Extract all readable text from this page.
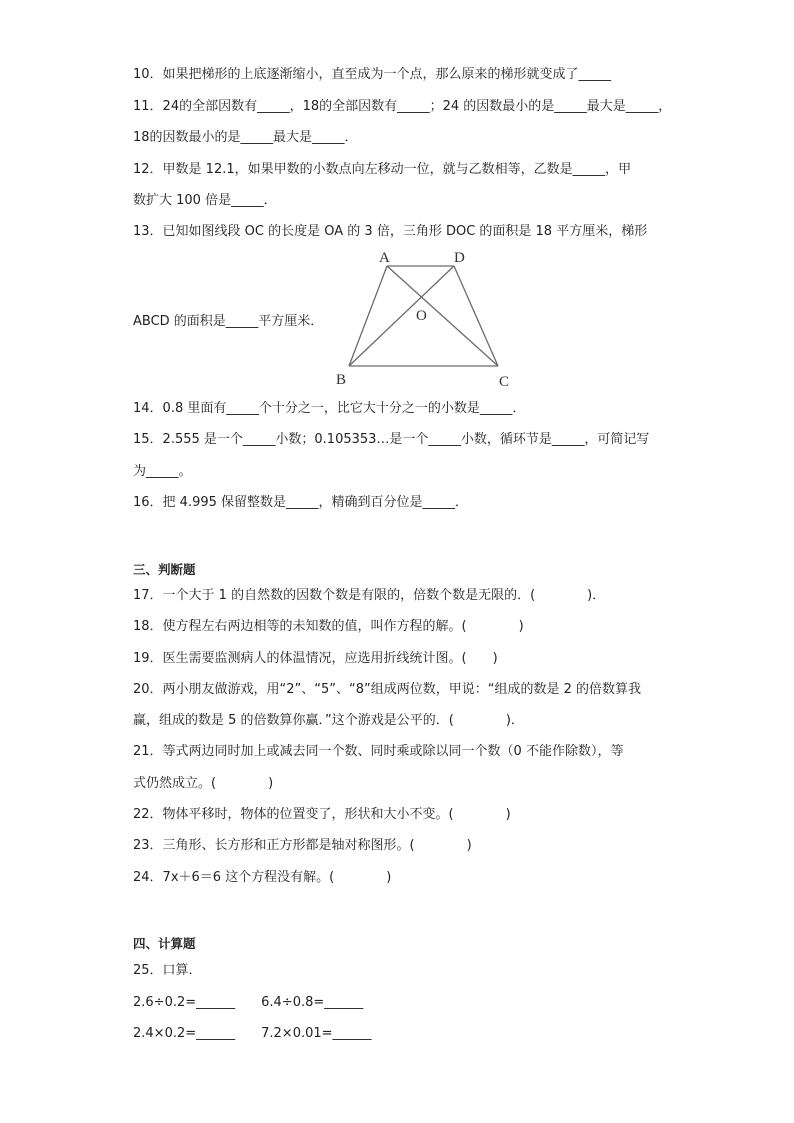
10．如果把梯形的上底逐渐缩小，直至成为一个点，那么原来的梯形就变成了_____
11．24的全部因数有_____，18的全部因数有_____；24 的因数最小的是_____最大是_____，
18的因数最小的是_____最大是_____．
12．甲数是 12.1，如果甲数的小数点向左移动一位，就与乙数相等，乙数是_____，甲
数扩大 100 倍是_____．
13．已知如图线段 OC 的长度是 OA 的 3 倍，三角形 DOC 的面积是 18 平方厘米，梯形
ABCD 的面积是_____平方厘米．
A	D
O
B	C
14．0.8 里面有_____个十分之一，比它大十分之一的小数是_____．
15．2.555 是一个_____小数；0.105353…是一个_____小数，循环节是_____，可简记写
为_____。
16．把 4.995 保留整数是_____，精确到百分位是_____．
三、判断题
17．一个大于 1 的自然数的因数个数是有限的，倍数个数是无限的．(　　　　)．
18．使方程左右两边相等的未知数的值，叫作方程的解。(　　　　)
19．医生需要监测病人的体温情况，应选用折线统计图。(　　)
20．两小朋友做游戏，用“2”、“5”、“8”组成两位数，甲说：“组成的数是 2 的倍数算我
赢，组成的数是 5 的倍数算你赢．”这个游戏是公平的．(　　　　)．
21．等式两边同时加上或减去同一个数、同时乘或除以同一个数（0 不能作除数），等
式仍然成立。(　　　　)
22．物体平移时，物体的位置变了，形状和大小不变。(　　　　)
23．三角形、长方形和正方形都是轴对称图形。(　　　　)
24．7x＋6＝6 这个方程没有解。(　　　　)
四、计算题
25．口算．
2.6÷0.2=______　　6.4÷0.8=______
2.4×0.2=______　　7.2×0.01=______
